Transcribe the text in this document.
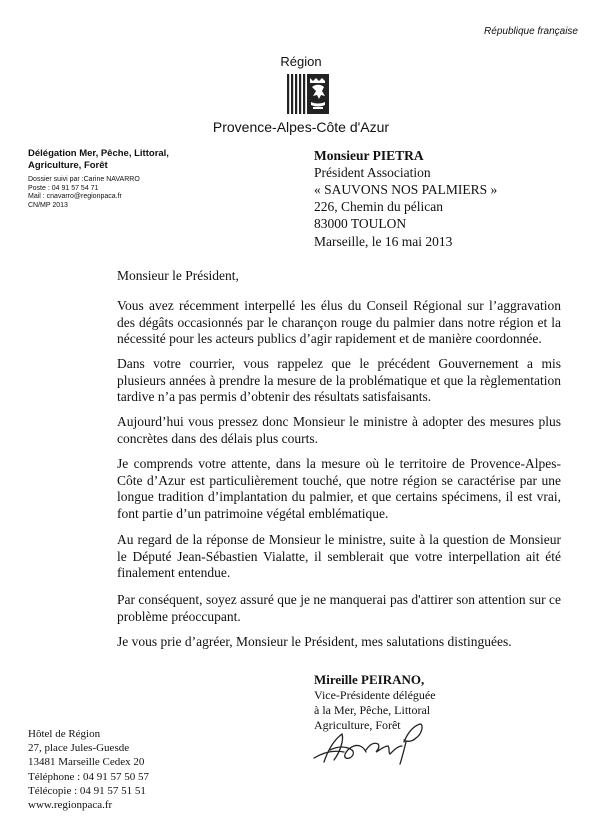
République française
Région
Provence-Alpes-Côte d'Azur
Délégation Mer, Pêche, Littoral,
Agriculture, Forêt
Dossier suivi par :Carine NAVARRO
Poste : 04 91 57 54 71
Mail : cnavarro@regionpaca.fr
CN/MP 2013
Monsieur PIETRA
Président Association
« SAUVONS NOS PALMIERS »
226, Chemin du pélican
83000 TOULON
Marseille, le 16 mai 2013
Monsieur le Président,

Vous avez récemment interpellé les élus du Conseil Régional sur l’aggravation des dégâts occasionnés par le charançon rouge du palmier dans notre région et la nécessité pour les acteurs publics d’agir rapidement et de manière coordonnée.

Dans votre courrier, vous rappelez que le précédent Gouvernement a mis plusieurs années à prendre la mesure de la problématique et que la règlementation tardive n’a pas permis d’obtenir des résultats satisfaisants.

Aujourd’hui vous pressez donc Monsieur le ministre à adopter des mesures plus concrètes dans des délais plus courts.

Je comprends votre attente, dans la mesure où le territoire de Provence-Alpes-Côte d’Azur est particulièrement touché, que notre région se caractérise par une longue tradition d’implantation du palmier, et que certains spécimens, il est vrai, font partie d’un patrimoine végétal emblématique.

Au regard de la réponse de Monsieur le ministre, suite à la question de Monsieur le Député Jean-Sébastien Vialatte, il semblerait que votre interpellation ait été finalement entendue.

Par conséquent, soyez assuré que je ne manquerai pas d'attirer son attention sur ce problème préoccupant.

Je vous prie d’agréer, Monsieur le Président, mes salutations distinguées.

Mireille PEIRANO,
Vice-Présidente déléguée
à la Mer, Pêche, Littoral
Agriculture, Forêt
Hôtel de Région
27, place Jules-Guesde
13481 Marseille Cedex 20
Téléphone : 04 91 57 50 57
Télécopie : 04 91 57 51 51
www.regionpaca.fr
